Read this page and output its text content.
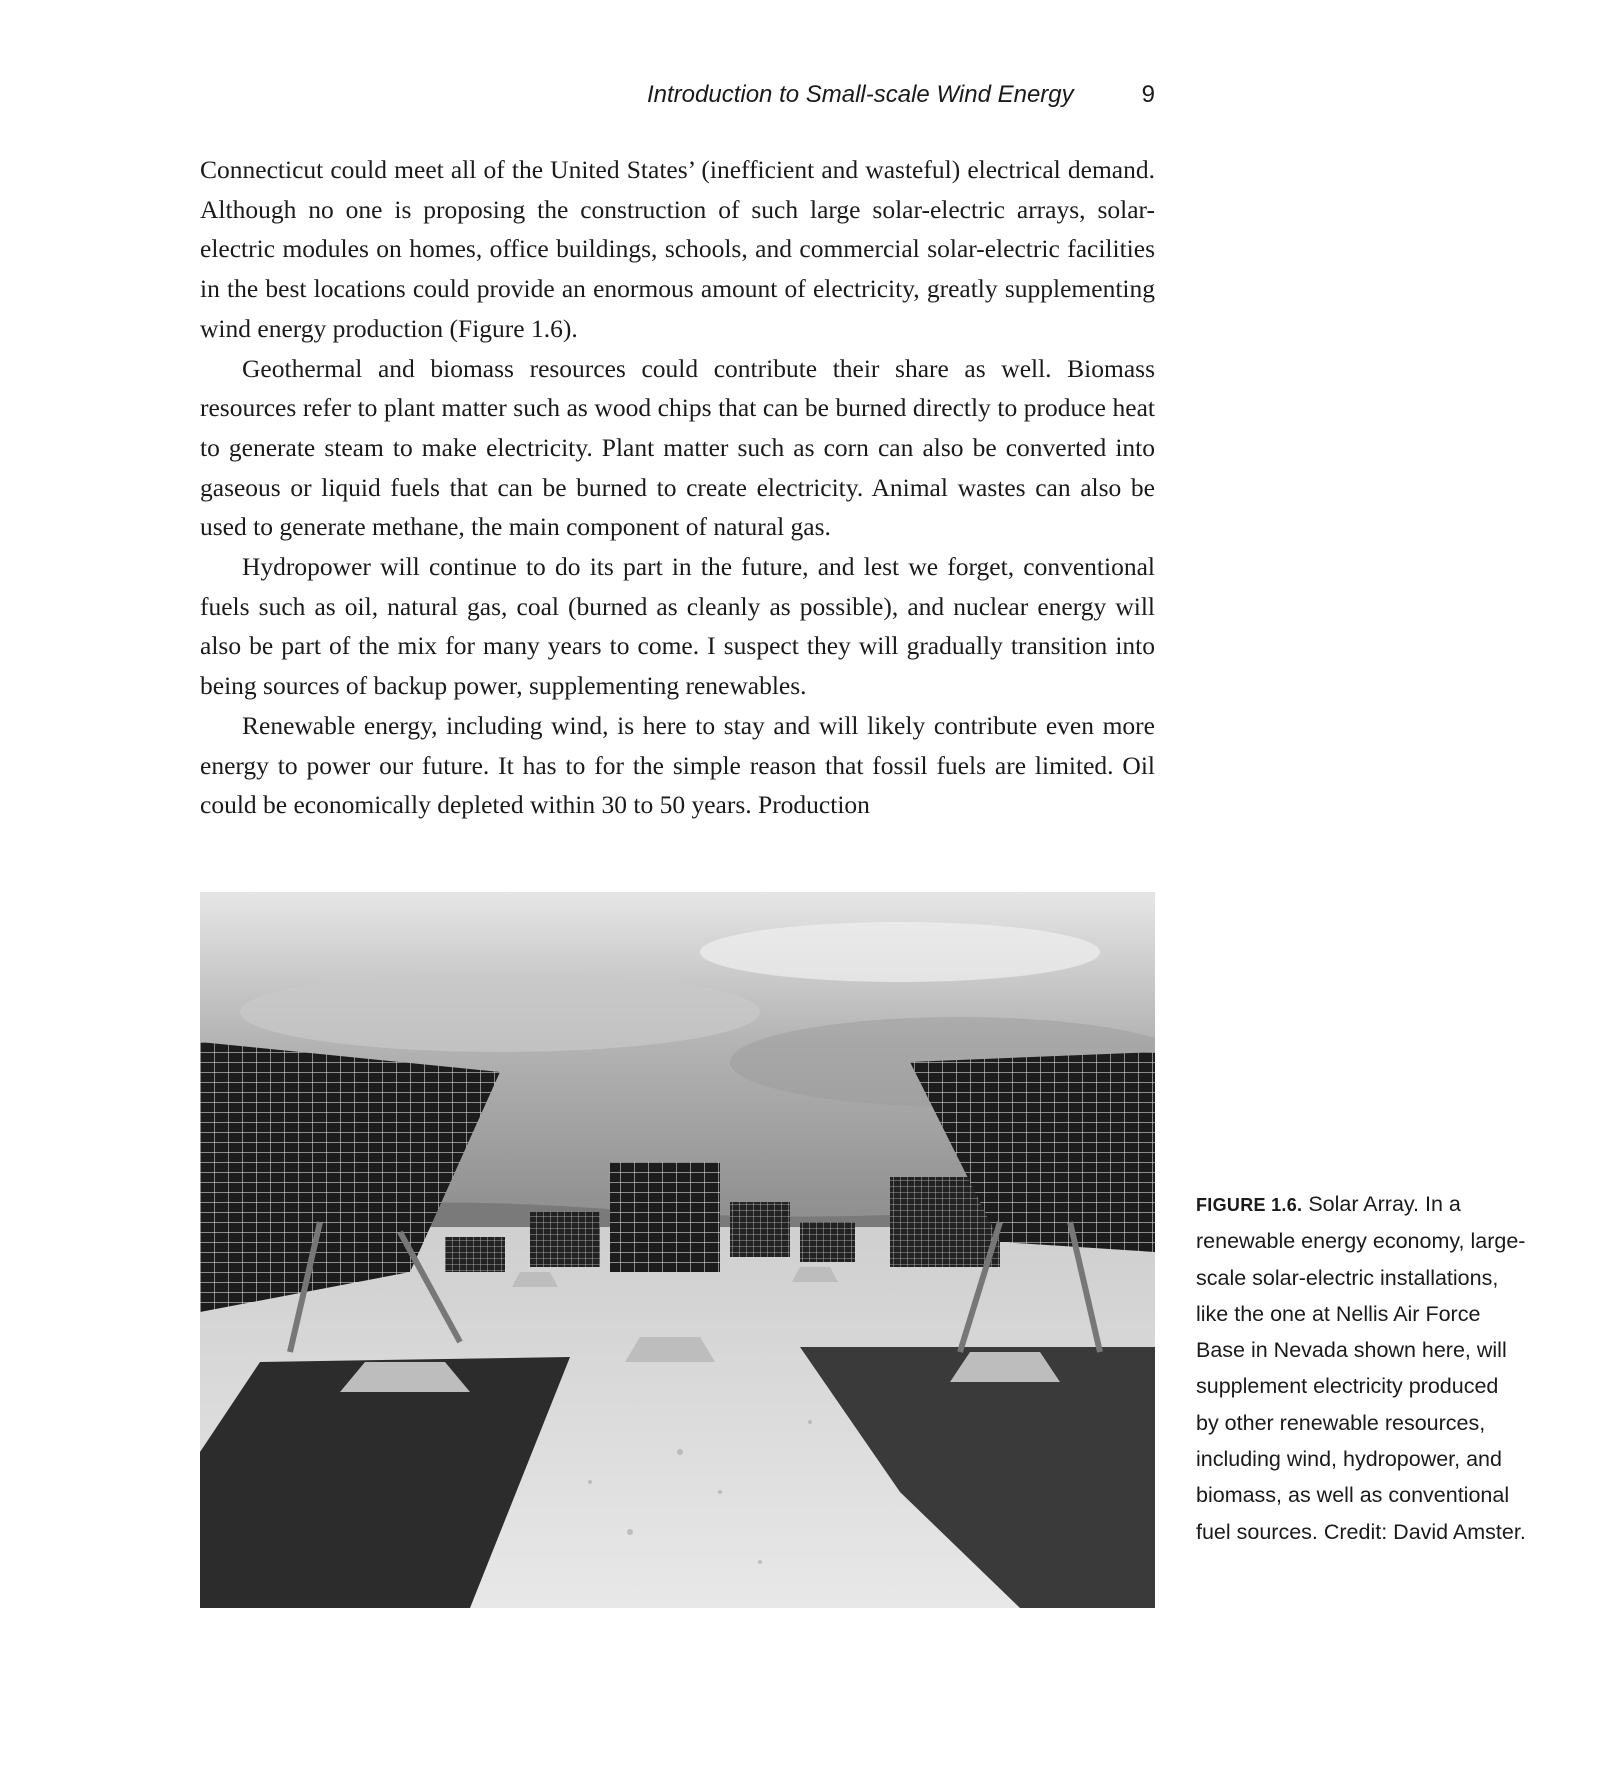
Introduction to Small-scale Wind Energy	9

Connecticut could meet all of the United States’ (inefficient and wasteful) electrical demand. Although no one is proposing the construction of such large solar-electric arrays, solar-electric modules on homes, office buildings, schools, and commercial solar-electric facilities in the best locations could provide an enormous amount of electricity, greatly supplementing wind energy production (Figure 1.6).

Geothermal and biomass resources could contribute their share as well. Biomass resources refer to plant matter such as wood chips that can be burned directly to produce heat to generate steam to make electricity. Plant matter such as corn can also be converted into gaseous or liquid fuels that can be burned to create electricity. Animal wastes can also be used to generate methane, the main component of natural gas.

Hydropower will continue to do its part in the future, and lest we forget, conventional fuels such as oil, natural gas, coal (burned as cleanly as possible), and nuclear energy will also be part of the mix for many years to come. I suspect they will gradually transition into being sources of backup power, supplementing renewables.

Renewable energy, including wind, is here to stay and will likely contribute even more energy to power our future. It has to for the simple reason that fossil fuels are limited. Oil could be economically depleted within 30 to 50 years. Production

FIGURE 1.6. Solar Array. In a renewable energy economy, large-scale solar-electric installations, like the one at Nellis Air Force Base in Nevada shown here, will supplement electricity produced by other renewable resources, including wind, hydropower, and biomass, as well as conventional fuel sources. Credit: David Amster.
